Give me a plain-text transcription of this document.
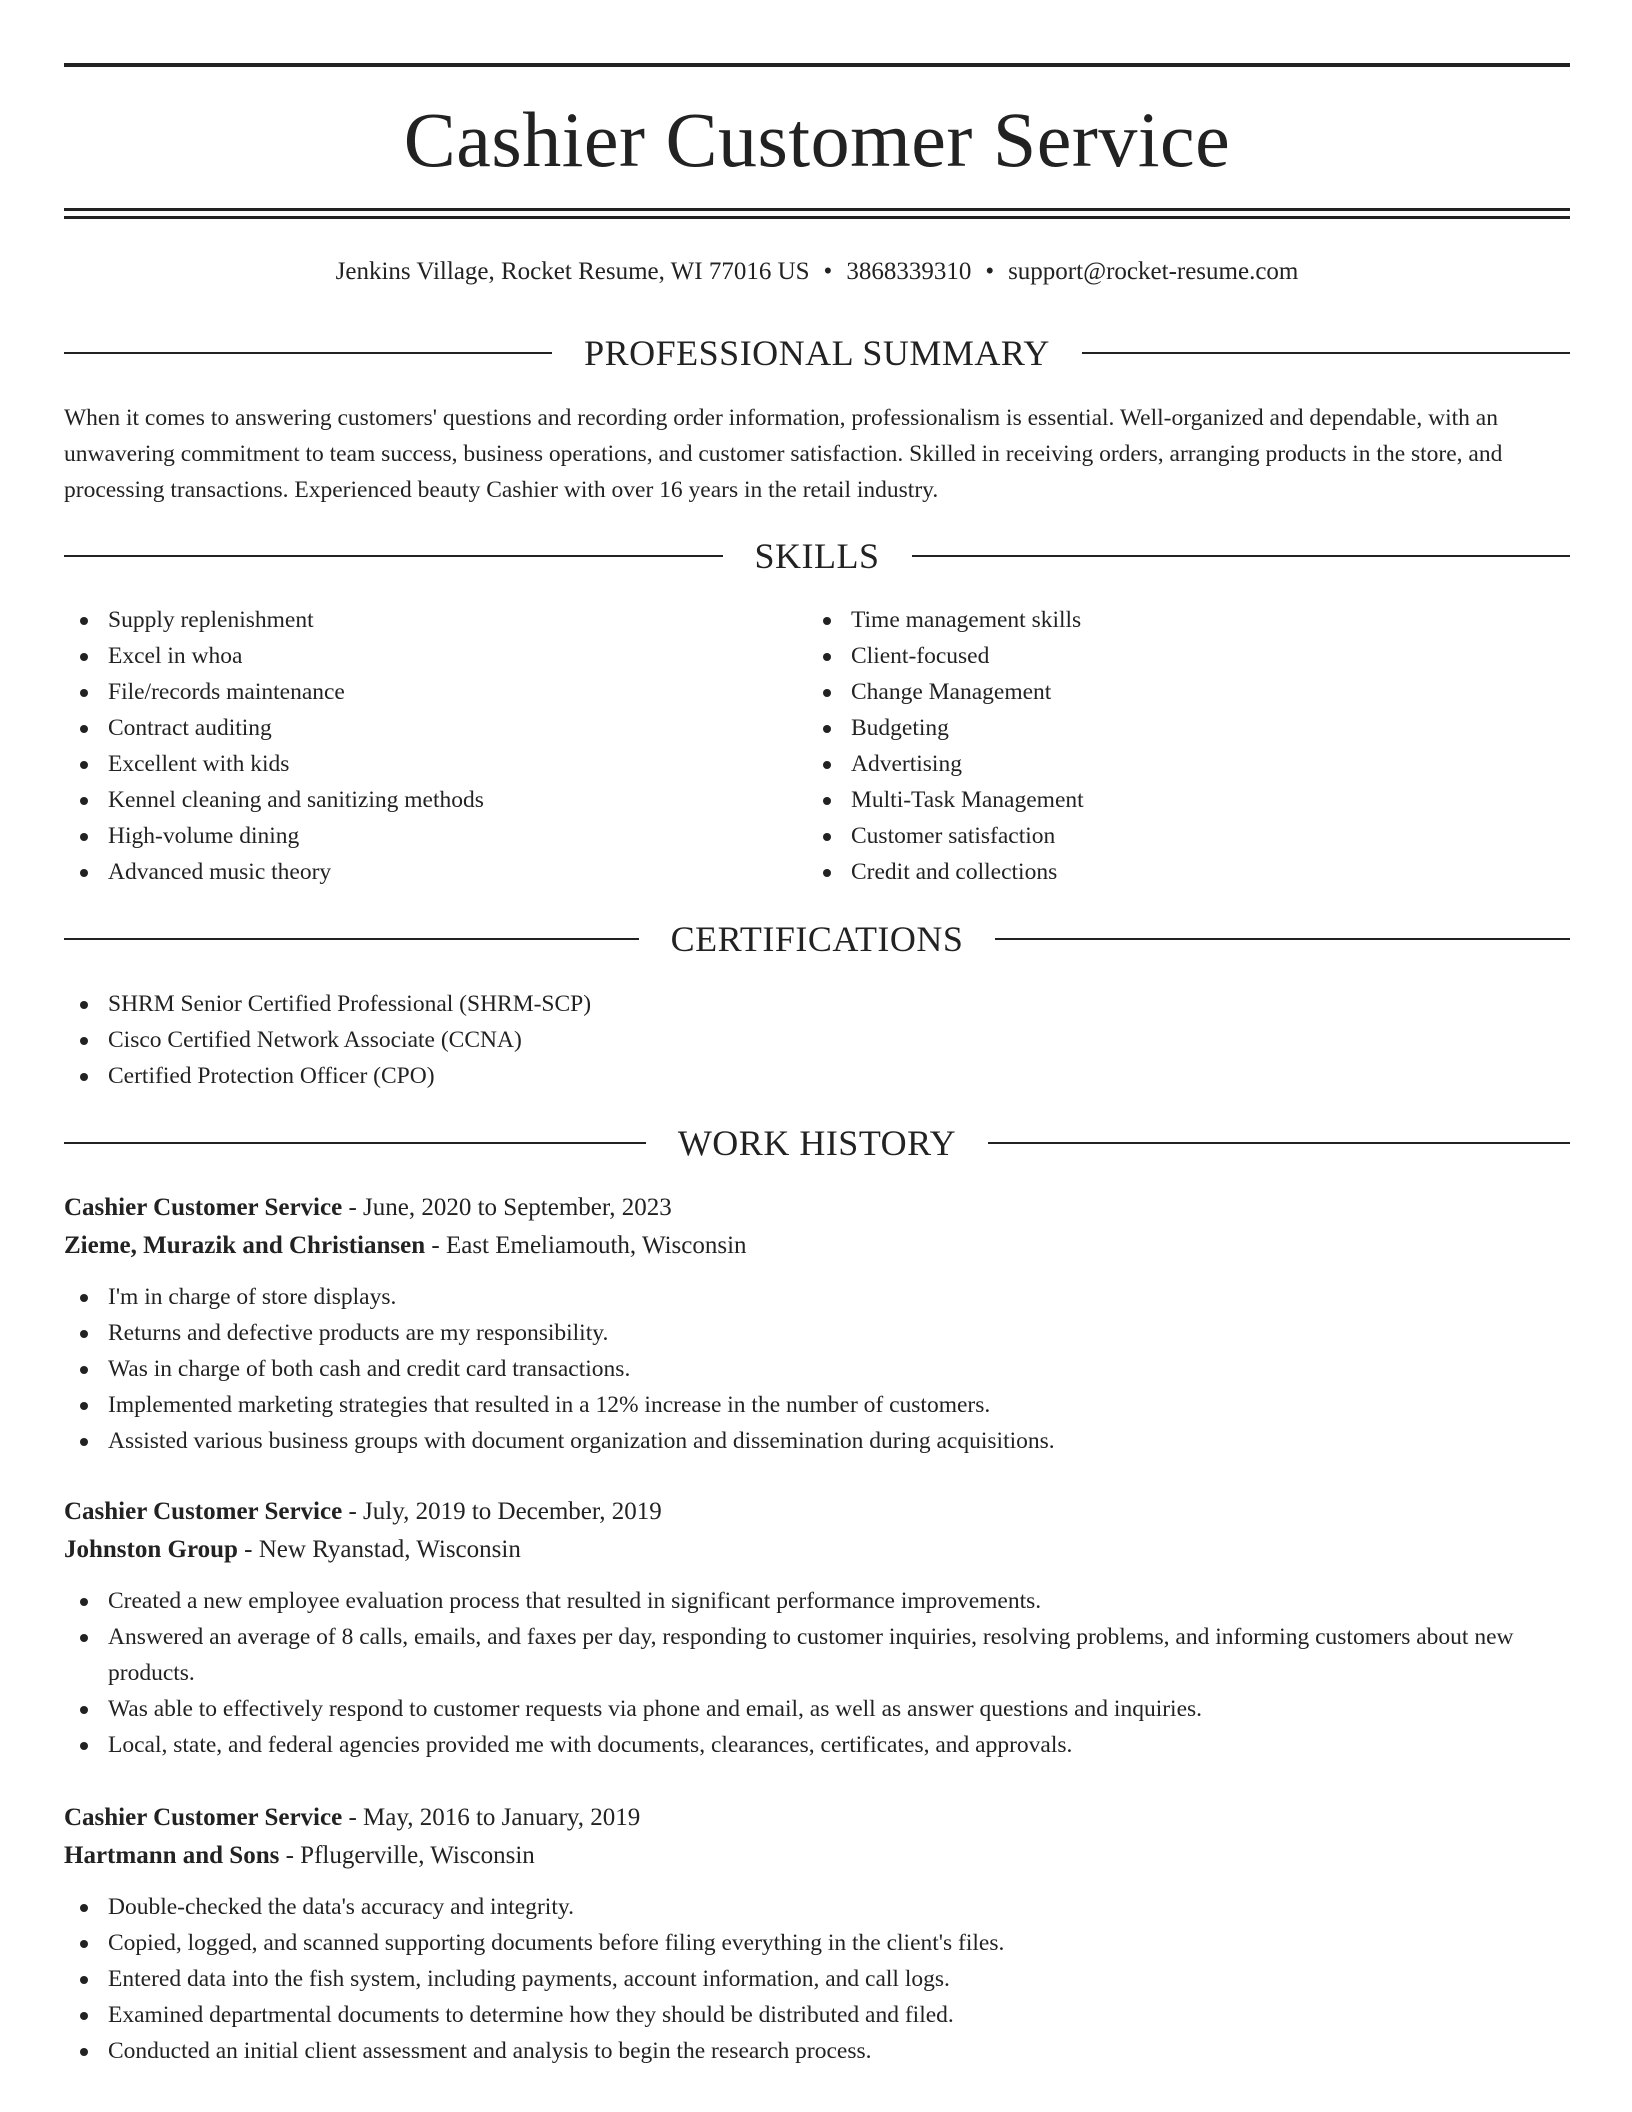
Cashier Customer Service
Jenkins Village, Rocket Resume, WI 77016 US • 3868339310 • support@rocket-resume.com
PROFESSIONAL SUMMARY
When it comes to answering customers' questions and recording order information, professionalism is essential. Well-organized and dependable, with an unwavering commitment to team success, business operations, and customer satisfaction. Skilled in receiving orders, arranging products in the store, and processing transactions. Experienced beauty Cashier with over 16 years in the retail industry.
SKILLS
Supply replenishment
Excel in whoa
File/records maintenance
Contract auditing
Excellent with kids
Kennel cleaning and sanitizing methods
High-volume dining
Advanced music theory
Time management skills
Client-focused
Change Management
Budgeting
Advertising
Multi-Task Management
Customer satisfaction
Credit and collections
CERTIFICATIONS
SHRM Senior Certified Professional (SHRM-SCP)
Cisco Certified Network Associate (CCNA)
Certified Protection Officer (CPO)
WORK HISTORY
Cashier Customer Service - June, 2020 to September, 2023
Zieme, Murazik and Christiansen - East Emeliamouth, Wisconsin
I'm in charge of store displays.
Returns and defective products are my responsibility.
Was in charge of both cash and credit card transactions.
Implemented marketing strategies that resulted in a 12% increase in the number of customers.
Assisted various business groups with document organization and dissemination during acquisitions.
Cashier Customer Service - July, 2019 to December, 2019
Johnston Group - New Ryanstad, Wisconsin
Created a new employee evaluation process that resulted in significant performance improvements.
Answered an average of 8 calls, emails, and faxes per day, responding to customer inquiries, resolving problems, and informing customers about new products.
Was able to effectively respond to customer requests via phone and email, as well as answer questions and inquiries.
Local, state, and federal agencies provided me with documents, clearances, certificates, and approvals.
Cashier Customer Service - May, 2016 to January, 2019
Hartmann and Sons - Pflugerville, Wisconsin
Double-checked the data's accuracy and integrity.
Copied, logged, and scanned supporting documents before filing everything in the client's files.
Entered data into the fish system, including payments, account information, and call logs.
Examined departmental documents to determine how they should be distributed and filed.
Conducted an initial client assessment and analysis to begin the research process.
